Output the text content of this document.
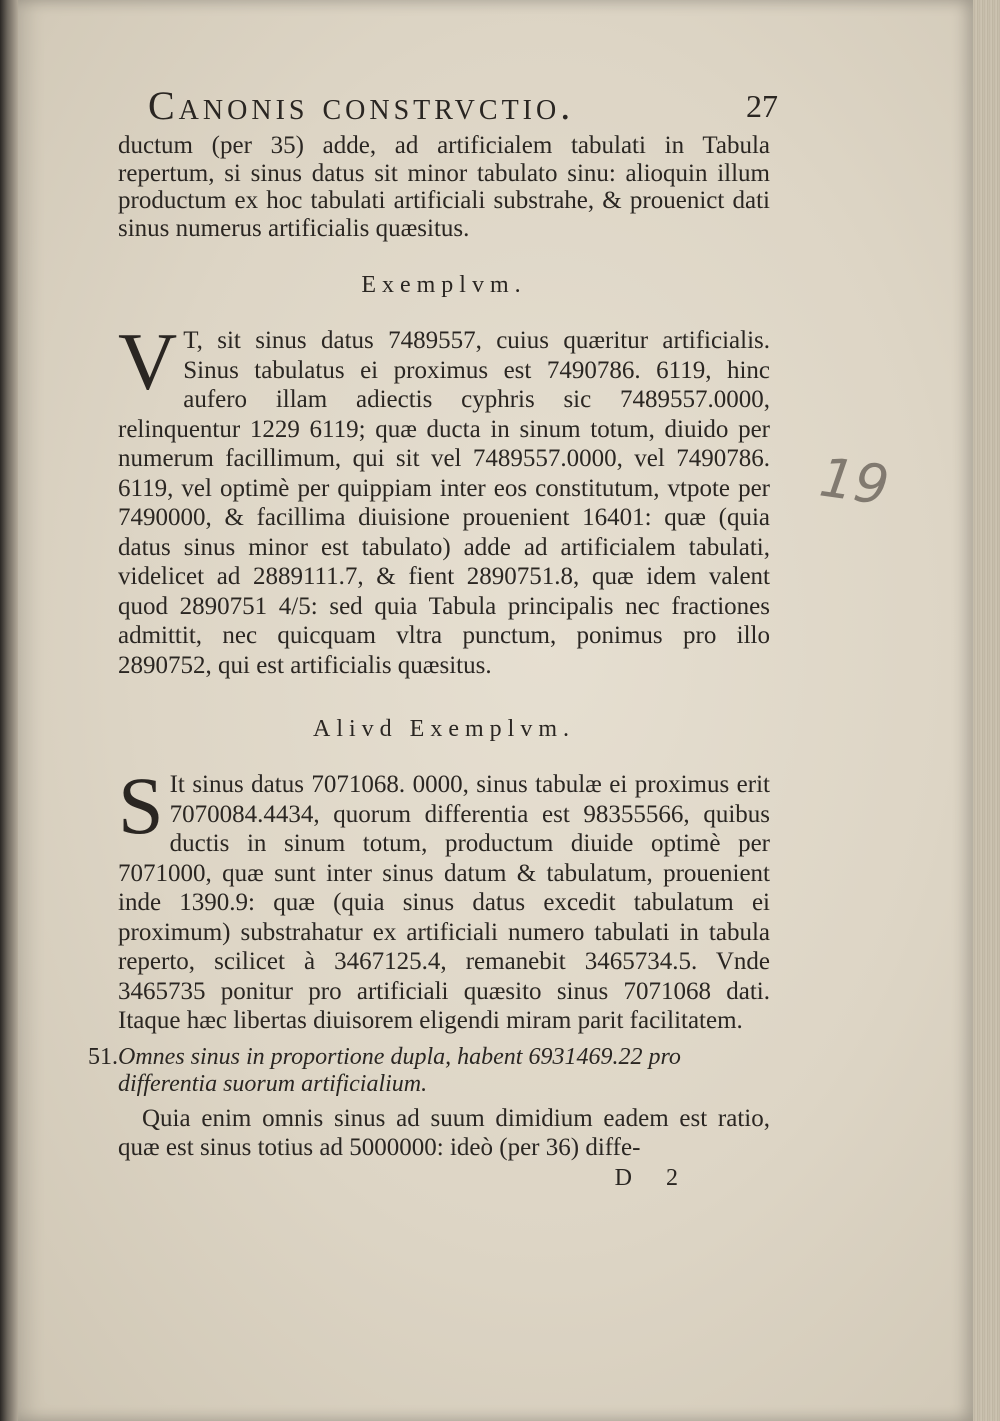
Canonis constrvctio.	27

ductum (per 35) adde, ad artificialem tabulati in Tabula repertum, si sinus datus sit minor tabulato sinu: alioquin illum productum ex hoc tabulati artificiali substrahe, & prouenict dati sinus numerus artificialis quæsitus.

Exemplvm.
V T, sit sinus datus 7489557, cuius quæritur artificialis. Sinus tabulatus ei proximus est 7490786. 6119, hinc aufero illam adiectis cyphris sic 7489557.0000, relinquentur 1229 6119; quæ ducta in sinum totum, diuido per numerum facillimum, qui sit vel 7489557.0000, vel 7490786. 6119, vel optimè per quippiam inter eos constitutum, vtpote per 7490000, & facillima diuisione prouenient 16401: quæ (quia datus sinus minor est tabulato) adde ad artificialem tabulati, videlicet ad 2889111.7, & fient 2890751.8, quæ idem valent quod 2890751 4/5: sed quia Tabula principalis nec fractiones admittit, nec quicquam vltra punctum, ponimus pro illo 2890752, qui est artificialis quæsitus.
Alivd Exemplvm.
S It sinus datus 7071068. 0000, sinus tabulæ ei proximus erit 7070084.4434, quorum differentia est 98355566, quibus ductis in sinum totum, productum diuide optimè per 7071000, quæ sunt inter sinus datum & tabulatum, prouenient inde 1390.9: quæ (quia sinus datus excedit tabulatum ei proximum) substrahatur ex artificiali numero tabulati in tabula reperto, scilicet à 3467125.4, remanebit 3465734.5. Vnde 3465735 ponitur pro artificiali quæsito sinus 7071068 dati. Itaque hæc libertas diuisorem eligendi miram parit facilitatem.
51. Omnes sinus in proportione dupla, habent 6931469.22 pro differentia suorum artificialium.

Quia enim omnis sinus ad suum dimidium eadem est ratio, quæ est sinus totius ad 5000000: ideò (per 36) diffe-

D 2
19
